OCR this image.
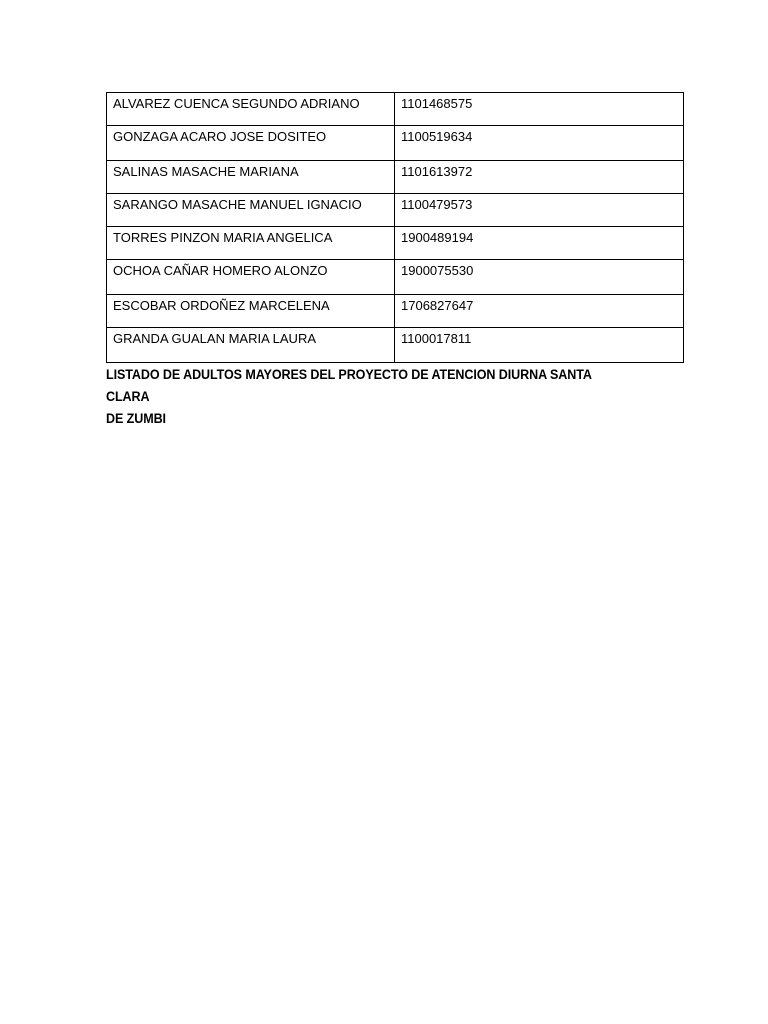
ALVAREZ CUENCA SEGUNDO ADRIANO	1101468575

GONZAGA ACARO JOSE DOSITEO	1100519634

SALINAS MASACHE MARIANA	1101613972

SARANGO MASACHE MANUEL IGNACIO	1100479573

TORRES PINZON MARIA ANGELICA	1900489194

OCHOA CAÑAR HOMERO ALONZO	1900075530

ESCOBAR ORDOÑEZ MARCELENA	1706827647

GRANDA GUALAN MARIA LAURA	1100017811
LISTADO DE ADULTOS MAYORES DEL PROYECTO DE ATENCION DIURNA SANTA CLARA
DE ZUMBI
